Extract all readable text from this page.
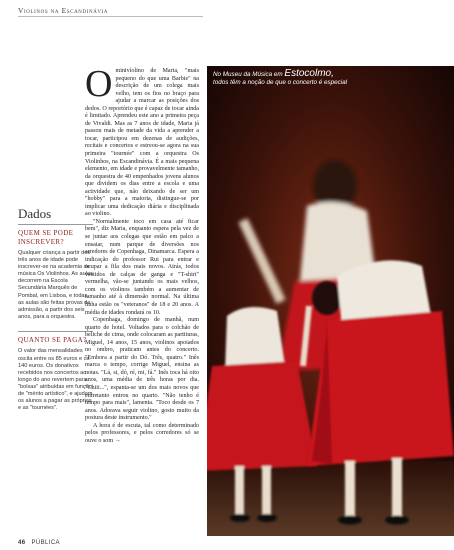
Violinos na Escandinávia
Dados
QUEM SE PODE INSCREVER?
Qualquer criança a partir dos três anos de idade pode inscrever-se na academia de música Os Violinhos. As aulas decorrem na Escola Secundária Marquês de Pombal, em Lisboa, e todas as aulas são feitas provas de admissão, a partir dos seis anos, para a orquestra.
QUANTO SE PAGA?
O valor das mensalidades oscila entre os 85 euros e os 140 euros. Os donativos recebidos nos concertos ao longo do ano revertem para "bolsas" atribuídas em função de "mérito artístico", e ajudam os alunos a pagar as próprias e as "tournées".

Ominivíolino de Maria, "mais pequeno do que uma Barbie" na descrição de um colega mais velho, tem os fios no braço para ajudar a marcar as posições dos dedos. O reportório que é capaz de tocar ainda é limitado. Aprendeu este ano a primeira peça de Vivaldi. Mas as 7 anos de idade, Maria já passou mais de metade da vida a aprender a tocar, participou em dezenas de audições, recitais e concertos e estreou-se agora na sua primeira "tournée" com a orquestra Os Violinhos, na Escandinávia. É a mais pequena elemento, em idade e provavelmente tamanho, da orquestra de 40 empenhados jovens alunos que dividem os dias entre a escola e uma actividade que, não deixando de ser um "hobby" para a maioria, distingue-se por implicar uma dedicação diária e disciplinada ao violino.

"Normalmente toco em casa até ficar bem", diz Maria, enquanto espera pela vez de se juntar aos colegas que estão em palco a ensaiar, num parque de diversões nos arredores de Copenhaga, Dinamarca. Espera a indicação do professor Rui para entrar e ocupar a fila dos mais novos. Atrás, todos vestidos de calças de ganga e "T-shirt" vermelha, vão-se juntando os mais velhos, com os violinos também a aumentar de tamanho até à dimensão normal. Na última linha estão os "veteranos" de 18 e 20 anos. A média de idades rondará os 10.

Copenhaga, domingo de manhã, num quarto de hotel. Voltados para o colchão de beliche de cima, onde colocaram as partituras, Miguel, 14 anos, 15 anos, violinos apoiados no ombro, praticam antes do concerto. "Embora a partir do Dó. Três, quatro." Inês marca o tempo, corrige Miguel, ensina as notas. "Lá, si, dó, ré, mi, fá." Inês toca há oito anos, uma média de três horas por dia. "Chiii...", espanta-se um dos mais novos que entretanto entrou no quarto. "Não tenho é tempo para mais", lamenta. "Toco desde os 7 anos. Adorava seguir violino, gosto muito da postura deste instrumento."

A hora é de escuta, tal como determinado pelos professores, e pelos corredores só se ouve o som →

No Museu da Música em Estocolmo,
todos têm a noção de que o concerto é especial
46 PÚBLICA
